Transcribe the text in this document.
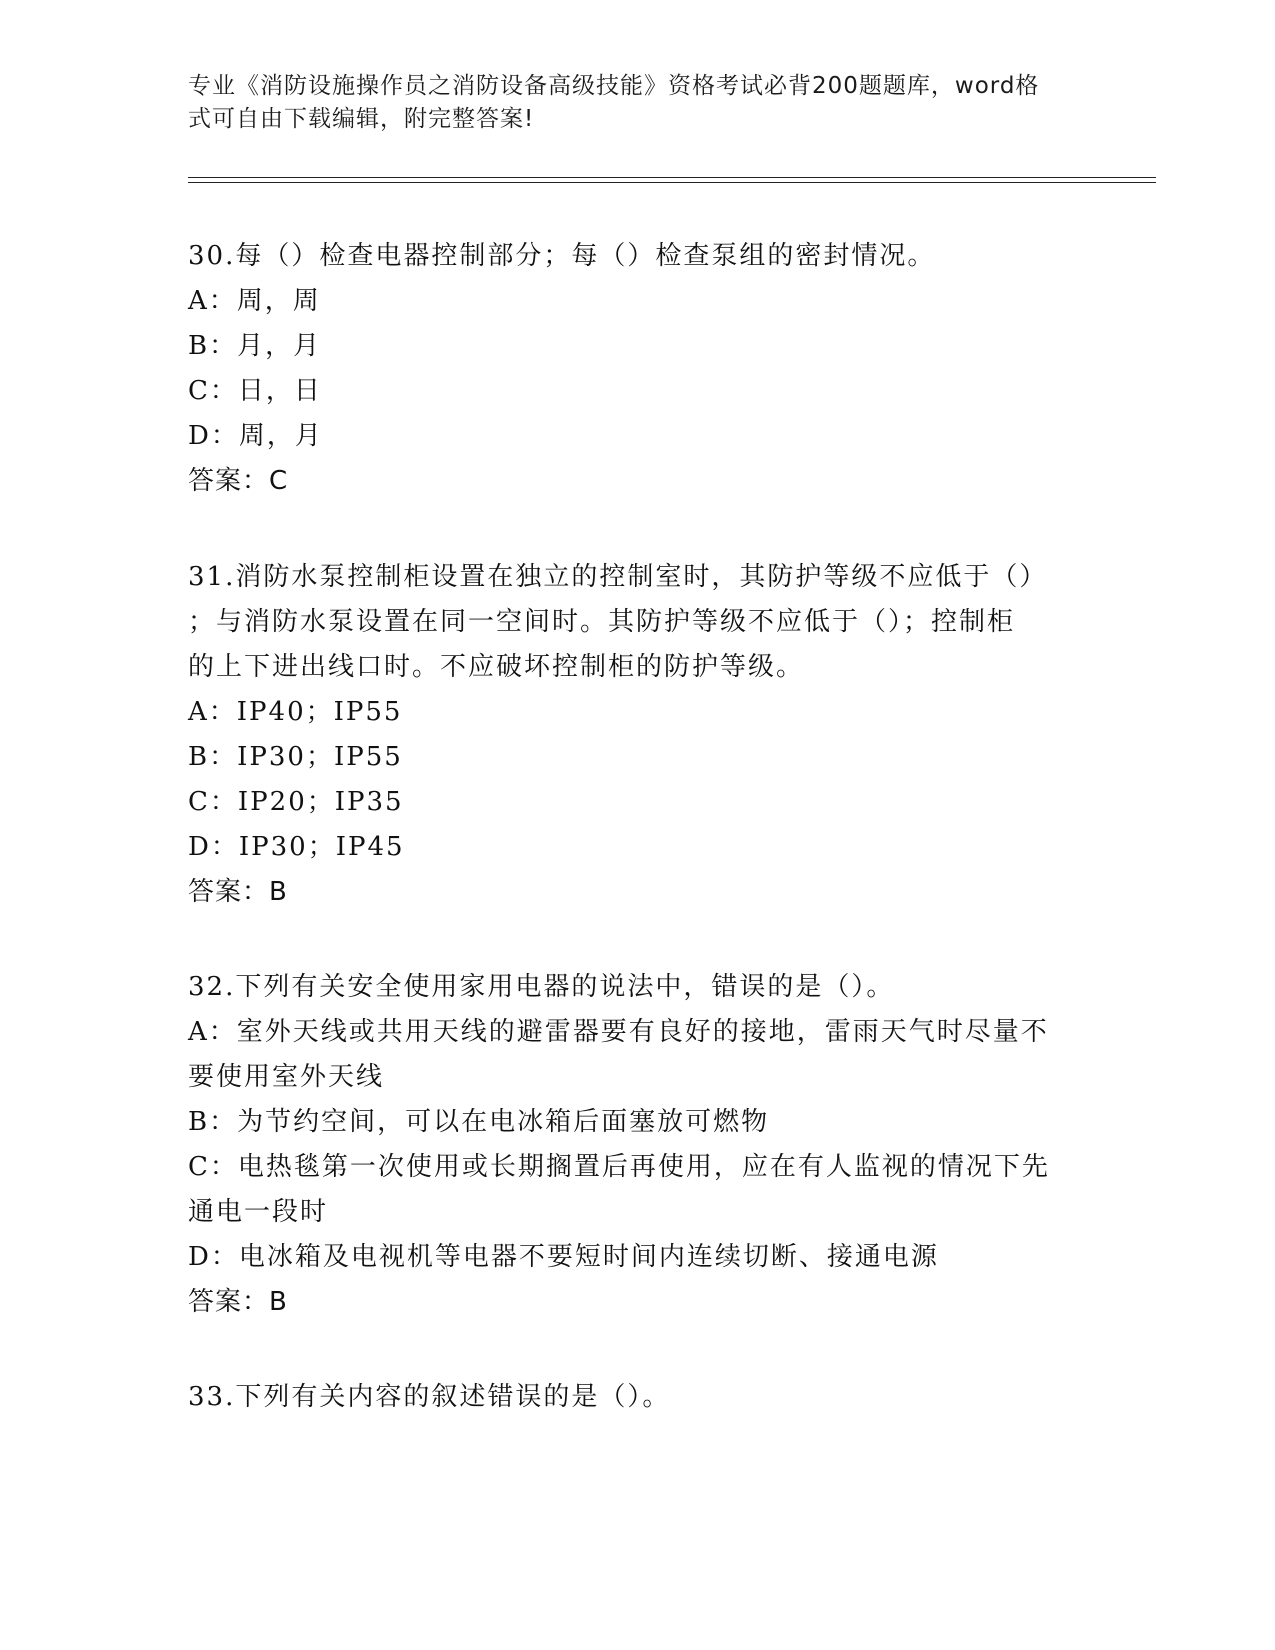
专业《消防设施操作员之消防设备高级技能》资格考试必背200题题库，word格
式可自由下载编辑，附完整答案!
30.每（）检查电器控制部分；每（）检查泵组的密封情况。
A：周，周
B：月，月
C：日，日
D：周，月
答案：C
31.消防水泵控制柜设置在独立的控制室时，其防护等级不应低于（）
；与消防水泵设置在同一空间时。其防护等级不应低于（）；控制柜
的上下进出线口时。不应破坏控制柜的防护等级。
A：IP40；IP55
B：IP30；IP55
C：IP20；IP35
D：IP30；IP45
答案：B
32.下列有关安全使用家用电器的说法中，错误的是（）。
A：室外天线或共用天线的避雷器要有良好的接地，雷雨天气时尽量不
要使用室外天线
B：为节约空间，可以在电冰箱后面塞放可燃物
C：电热毯第一次使用或长期搁置后再使用，应在有人监视的情况下先
通电一段时
D：电冰箱及电视机等电器不要短时间内连续切断、接通电源
答案：B
33.下列有关内容的叙述错误的是（）。
